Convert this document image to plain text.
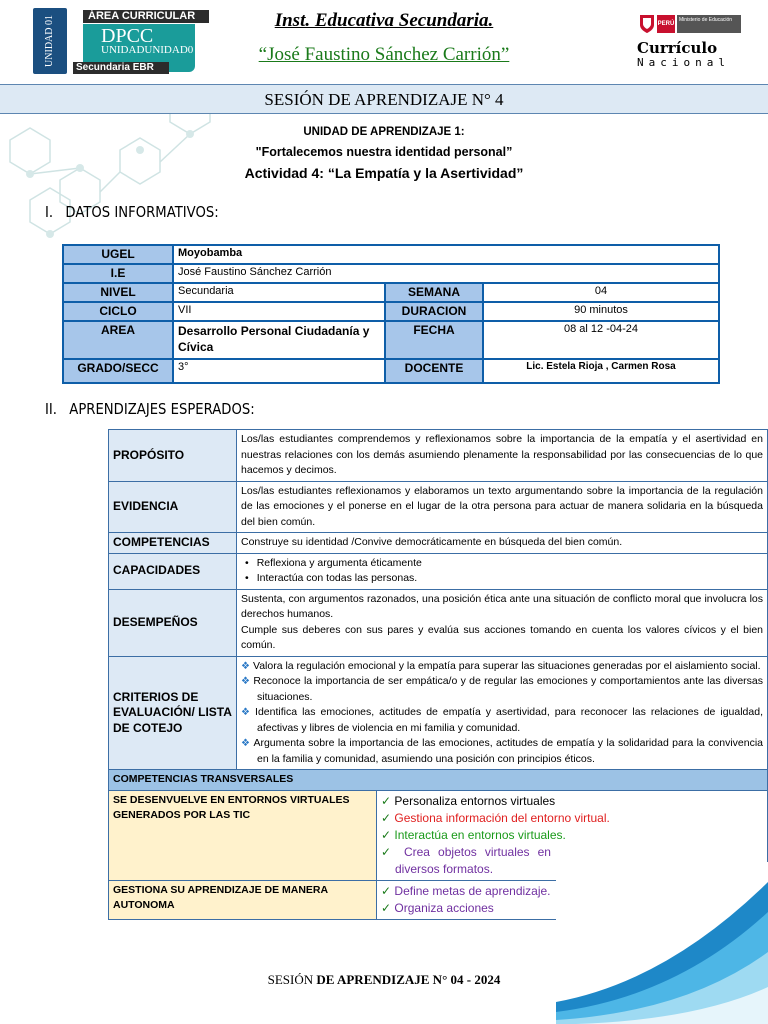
UNIDAD 01	ÁREA CURRICULAR
DPCC
UNIDADUNIDAD0
Secundaria EBR
Inst. Educativa Secundaria.
“José Faustino Sánchez Carrión”
PERÚ
Ministerio de Educación
Currículo
Nacional
SESIÓN DE APRENDIZAJE N° 4
UNIDAD DE APRENDIZAJE 1:
"Fortalecemos nuestra identidad personal”
Actividad 4: “La Empatía y la Asertividad”
I. DATOS INFORMATIVOS:
UGEL	Moyobamba		
I.E	José Faustino Sánchez Carrión		
NIVEL	Secundaria	SEMANA	04
CICLO	VII	DURACION	90 minutos
AREA	Desarrollo Personal Ciudadanía y Cívica	FECHA	08 al 12 -04-24
GRADO/SECC	3°	DOCENTE	Lic. Estela Rioja , Carmen Rosa
II. APRENDIZAJES ESPERADOS:
PROPÓSITO	Los/las estudiantes comprendemos y reflexionamos sobre la importancia de la empatía y el asertividad en nuestras relaciones con los demás asumiendo plenamente la responsabilidad por las consecuencias de lo que hacemos y decimos.	
EVIDENCIA	Los/las estudiantes reflexionamos y elaboramos un texto argumentando sobre la importancia de la regulación de las emociones y el ponerse en el lugar de la otra persona para actuar de manera solidaria en la búsqueda del bien común.	
COMPETENCIAS	Construye su identidad /Convive democráticamente en búsqueda del bien común.	
CAPACIDADES	• Reflexiona y argumenta éticamente
• Interactúa con todas las personas.	

DESEMPEÑOS	Sustenta, con argumentos razonados, una posición ética ante una situación de conflicto moral que involucra los derechos humanos.
Cumple sus deberes con sus pares y evalúa sus acciones tomando en cuenta los valores cívicos y el bien común.	

CRITERIOS DE EVALUACIÓN/ LISTA DE COTEJO	❖ Valora la regulación emocional y la empatía para superar las situaciones generadas por el aislamiento social.
❖ Reconoce la importancia de ser empática/o y de regular las emociones y comportamientos ante las diversas situaciones.
❖ Identifica las emociones, actitudes de empatía y asertividad, para reconocer las relaciones de igualdad, afectivas y libres de violencia en mi familia y comunidad.
❖ Argumenta sobre la importancia de las emociones, actitudes de empatía y la solidaridad para la convivencia en la familia y comunidad, asumiendo una posición con principios éticos.	

COMPETENCIAS TRANSVERSALES		
SE DESENVUELVE EN ENTORNOS VIRTUALES GENERADOS POR LAS TIC		✓ Personaliza entornos virtuales
✓ Gestiona información del entorno virtual.
✓ Interactúa en entornos virtuales.
✓ Crea objetos virtuales en diversos formatos.

GESTIONA SU APRENDIZAJE DE MANERA AUTONOMA		✓ Define metas de aprendizaje.
✓ Organiza acciones
SESIÓN DE APRENDIZAJE N° 04 - 2024
